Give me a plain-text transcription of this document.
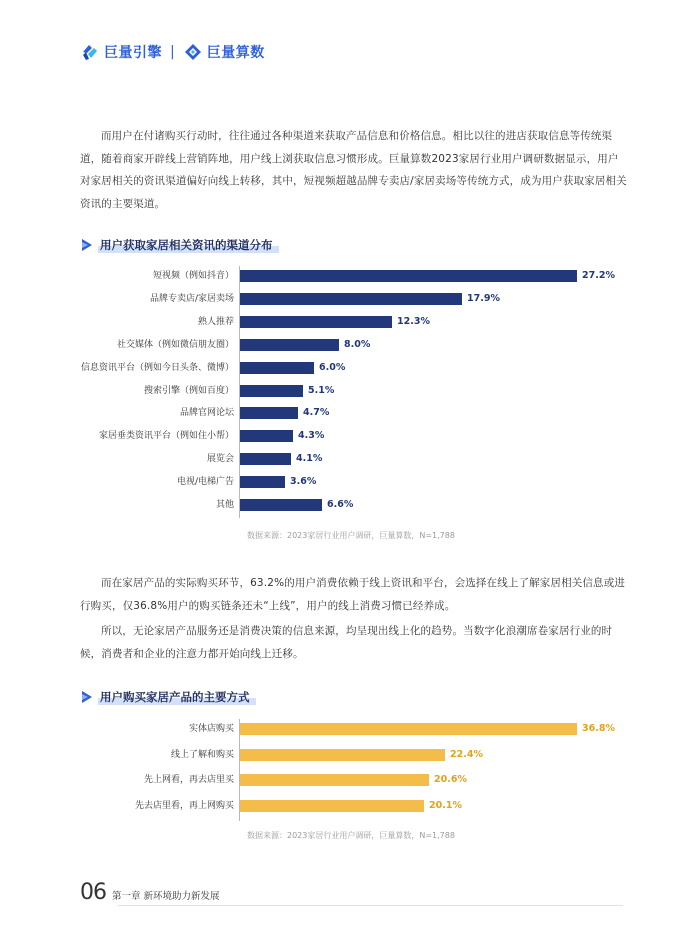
巨量引擎 | 巨量算数

而用户在付诸购买行动时，往往通过各种渠道来获取产品信息和价格信息。相比以往的进店获取信息等传统渠道，随着商家开辟线上营销阵地，用户线上浏获取信息习惯形成。巨量算数2023家居行业用户调研数据显示，用户对家居相关的资讯渠道偏好向线上转移，其中，短视频超越品牌专卖店/家居卖场等传统方式，成为用户获取家居相关资讯的主要渠道。

用户获取家居相关资讯的渠道分布
短视频（例如抖音）	27.2%
品牌专卖店/家居卖场	17.9%
熟人推荐	12.3%
社交媒体（例如微信朋友圈）	8.0%
信息资讯平台（例如今日头条、微博）	6.0%
搜索引擎（例如百度）	5.1%
品牌官网论坛	4.7%
家居垂类资讯平台（例如住小帮）	4.3%
展览会	4.1%
电视/电梯广告	3.6%
其他	6.6%
数据来源：2023家居行业用户调研，巨量算数，N=1,788

而在家居产品的实际购买环节，63.2%的用户消费依赖于线上资讯和平台，会选择在线上了解家居相关信息或进行购买，仅36.8%用户的购买链条还未“上线”，用户的线上消费习惯已经养成。

所以，无论家居产品服务还是消费决策的信息来源，均呈现出线上化的趋势。当数字化浪潮席卷家居行业的时候，消费者和企业的注意力都开始向线上迁移。

用户购买家居产品的主要方式
实体店购买	36.8%
线上了解和购买	22.4%
先上网看，再去店里买	20.6%
先去店里看，再上网购买	20.1%
数据来源：2023家居行业用户调研，巨量算数，N=1,788
06 第一章 新环境助力新发展
